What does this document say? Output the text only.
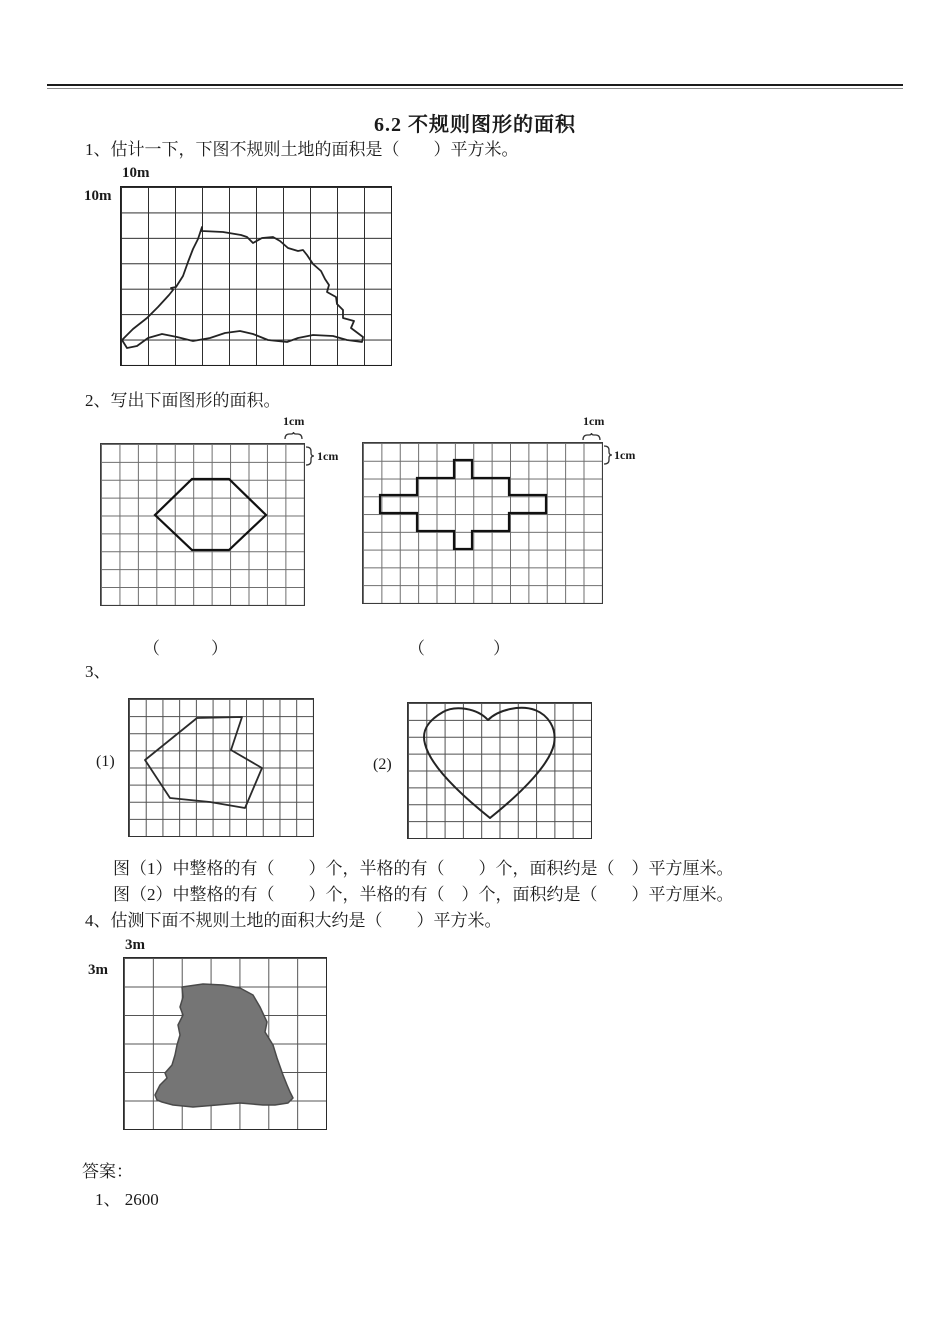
6.2 不规则图形的面积
1、估计一下，下图不规则土地的面积是（　　）平方米。
10m
10m
2、写出下面图形的面积。
1cm
1cm
1cm
1cm
（　　　）	（　　　　）
3、
(1)	(2)
图（1）中整格的有（　　）个，半格的有（　　）个，面积约是（　）平方厘米。
图（2）中整格的有（　　）个，半格的有（　）个，面积约是（　　）平方厘米。
4、估测下面不规则土地的面积大约是（　　）平方米。
3m
3m
答案：
1、 2600
